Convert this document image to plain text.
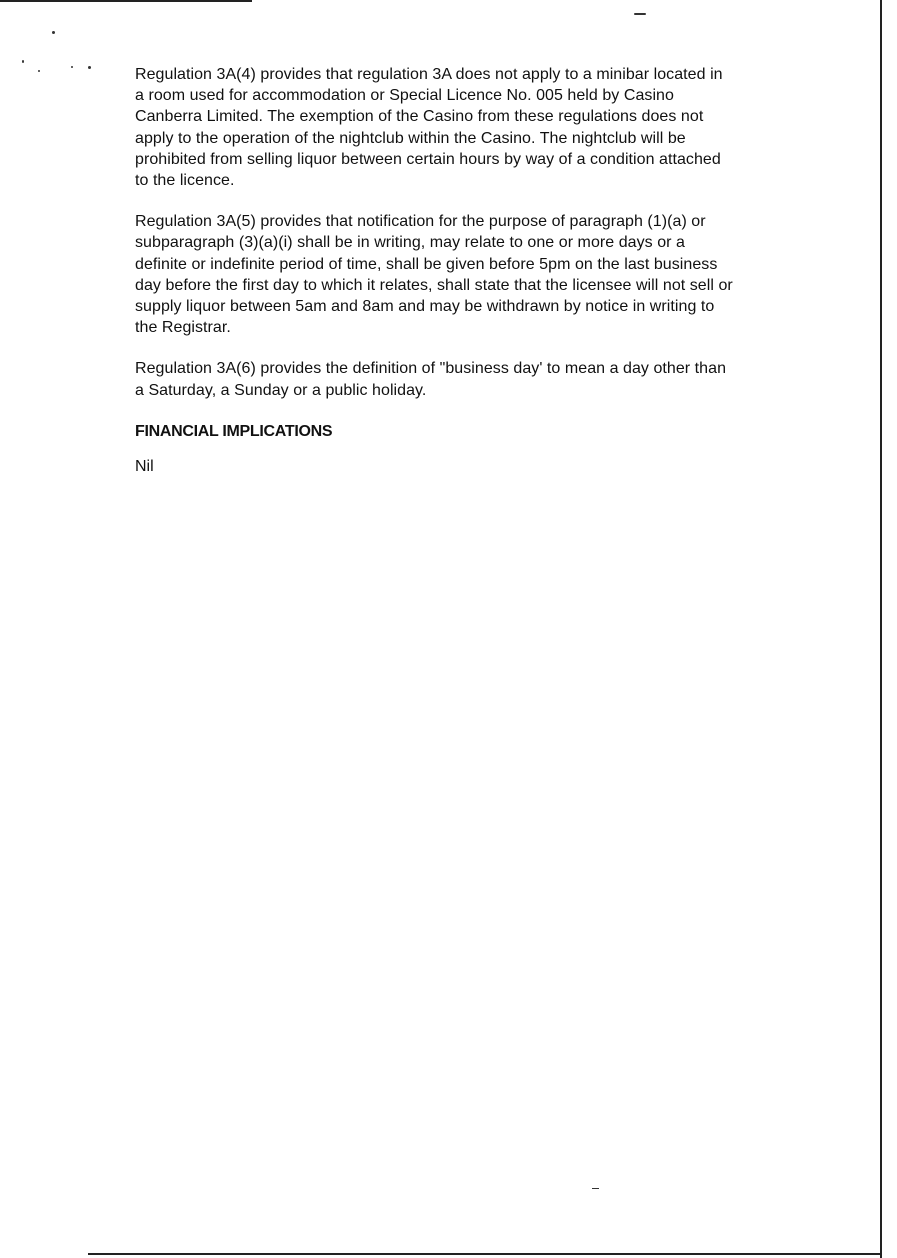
Regulation 3A(4) provides that regulation 3A does not apply to a minibar located in
a room used for accommodation or Special Licence No. 005 held by Casino
Canberra Limited. The exemption of the Casino from these regulations does not
apply to the operation of the nightclub within the Casino. The nightclub will be
prohibited from selling liquor between certain hours by way of a condition attached
to the licence.

Regulation 3A(5) provides that notification for the purpose of paragraph (1)(a) or
subparagraph (3)(a)(i) shall be in writing, may relate to one or more days or a
definite or indefinite period of time, shall be given before 5pm on the last business
day before the first day to which it relates, shall state that the licensee will not sell or
supply liquor between 5am and 8am and may be withdrawn by notice in writing to
the Registrar.

Regulation 3A(6) provides the definition of "business day' to mean a day other than
a Saturday, a Sunday or a public holiday.

FINANCIAL IMPLICATIONS

Nil
